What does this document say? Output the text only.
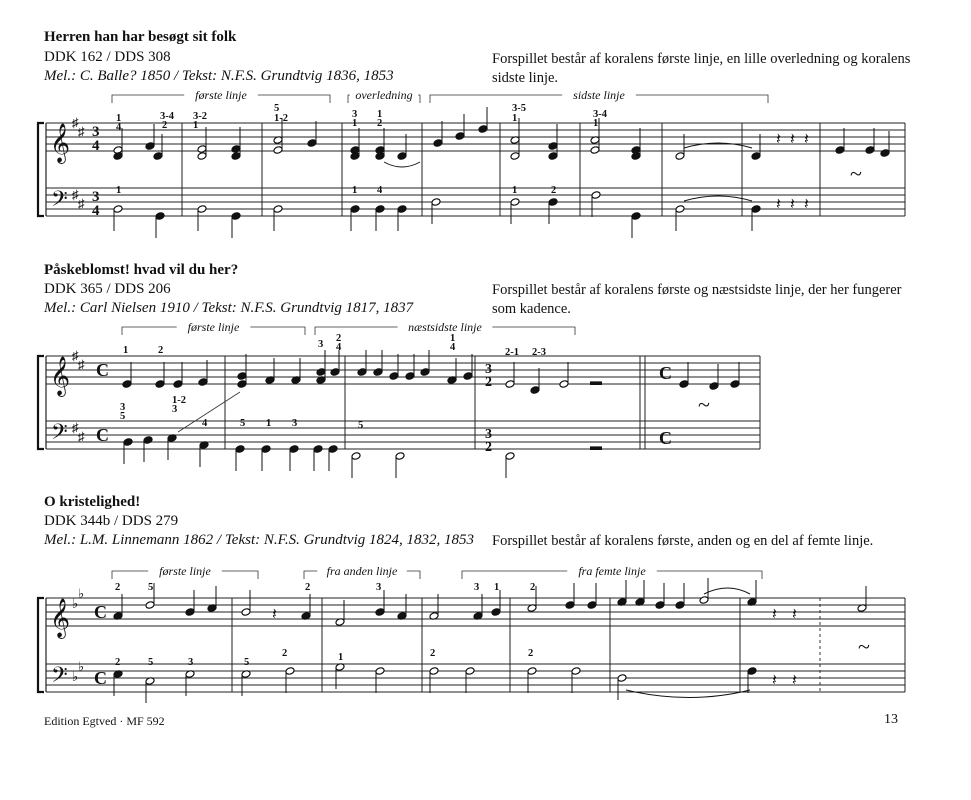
Herren han har besøgt sit folk
DDK 162 / DDS 308
Mel.: C. Balle? 1850 / Tekst: N.F.S. Grundtvig 1836, 1853
Forspillet består af koralens første linje, en lille overledning og koralens sidste linje.
Påskeblomst! hvad vil du her?
DDK 365 / DDS 206
Mel.: Carl Nielsen 1910 / Tekst: N.F.S. Grundtvig 1817, 1837
Forspillet består af koralens første og næstsidste linje, der her fungerer som kadence.
O kristelighed!
DDK 344b / DDS 279
Mel.: L.M. Linnemann 1862 / Tekst: N.F.S. Grundtvig 1824, 1832, 1853 Forspillet består af koralens første, anden og en del af femte linje.
Edition Egtved · MF 592	13
𝄞
𝄢
♯
♯
♯
♯
3
4
3
4
første linje	overledning	sidste linje
𝄽 𝄽 𝄽
~
𝄽 𝄽 𝄽
1
4
3-4
2
3-2
1
5
1-2	3 1
2
1
3-5
1	3-4
1
1	1 4	1	2
𝄞
𝄢
♯
♯
♯
♯
C
C
første linje	næstsidste linje
▬
~
C
C
3
2
3
2	▬
1	2
3
2
4
1
4	2-1 2-3
3
5
1-2
3
4	5 1 3	5
𝄞
𝄢
♭
♭
♭
♭
C
C
første linje	fra anden linje	fra femte linje
𝄽	𝄽 𝄽
~
𝄽 𝄽
2	5	2	3	3 1	2
2	5	3	5
2	1	2	2
